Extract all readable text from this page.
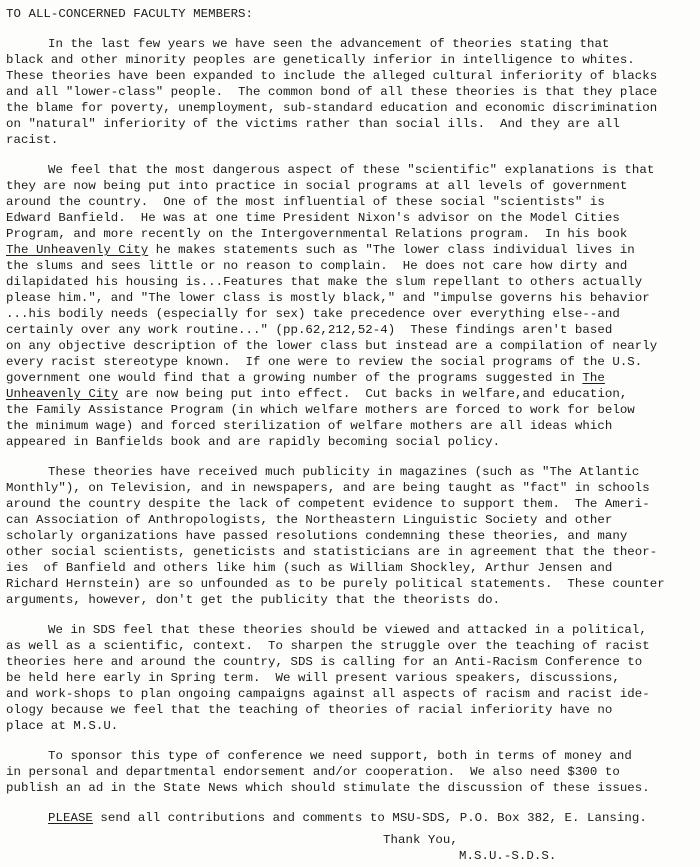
TO ALL-CONCERNED FACULTY MEMBERS:
In the last few years we have seen the advancement of theories stating that
black and other minority peoples are genetically inferior in intelligence to whites.
These theories have been expanded to include the alleged cultural inferiority of blacks
and all "lower-class" people.  The common bond of all these theories is that they place
the blame for poverty, unemployment, sub-standard education and economic discrimination
on "natural" inferiority of the victims rather than social ills.  And they are all
racist.
We feel that the most dangerous aspect of these "scientific" explanations is that
they are now being put into practice in social programs at all levels of government
around the country.  One of the most influential of these social "scientists" is
Edward Banfield.  He was at one time President Nixon's advisor on the Model Cities
Program, and more recently on the Intergovernmental Relations program.  In his book
The Unheavenly City he makes statements such as "The lower class individual lives in
the slums and sees little or no reason to complain.  He does not care how dirty and
dilapidated his housing is...Features that make the slum repellant to others actually
please him.", and "The lower class is mostly black," and "impulse governs his behavior
...his bodily needs (especially for sex) take precedence over everything else--and
certainly over any work routine..." (pp.62,212,52-4)  These findings aren't based
on any objective description of the lower class but instead are a compilation of nearly
every racist stereotype known.  If one were to review the social programs of the U.S.
government one would find that a growing number of the programs suggested in The
Unheavenly City are now being put into effect.  Cut backs in welfare,and education,
the Family Assistance Program (in which welfare mothers are forced to work for below
the minimum wage) and forced sterilization of welfare mothers are all ideas which
appeared in Banfields book and are rapidly becoming social policy.
These theories have received much publicity in magazines (such as "The Atlantic
Monthly"), on Television, and in newspapers, and are being taught as "fact" in schools
around the country despite the lack of competent evidence to support them.  The Ameri-
can Association of Anthropologists, the Northeastern Linguistic Society and other
scholarly organizations have passed resolutions condemning these theories, and many
other social scientists, geneticists and statisticians are in agreement that the theor-
ies  of Banfield and others like him (such as William Shockley, Arthur Jensen and
Richard Hernstein) are so unfounded as to be purely political statements.  These counter
arguments, however, don't get the publicity that the theorists do.
We in SDS feel that these theories should be viewed and attacked in a political,
as well as a scientific, context.  To sharpen the struggle over the teaching of racist
theories here and around the country, SDS is calling for an Anti-Racism Conference to
be held here early in Spring term.  We will present various speakers, discussions,
and work-shops to plan ongoing campaigns against all aspects of racism and racist ide-
ology because we feel that the teaching of theories of racial inferiority have no
place at M.S.U.
To sponsor this type of conference we need support, both in terms of money and
in personal and departmental endorsement and/or cooperation.  We also need $300 to
publish an ad in the State News which should stimulate the discussion of these issues.
PLEASE send all contributions and comments to MSU-SDS, P.O. Box 382, E. Lansing.
Thank You,
M.S.U.-S.D.S.
